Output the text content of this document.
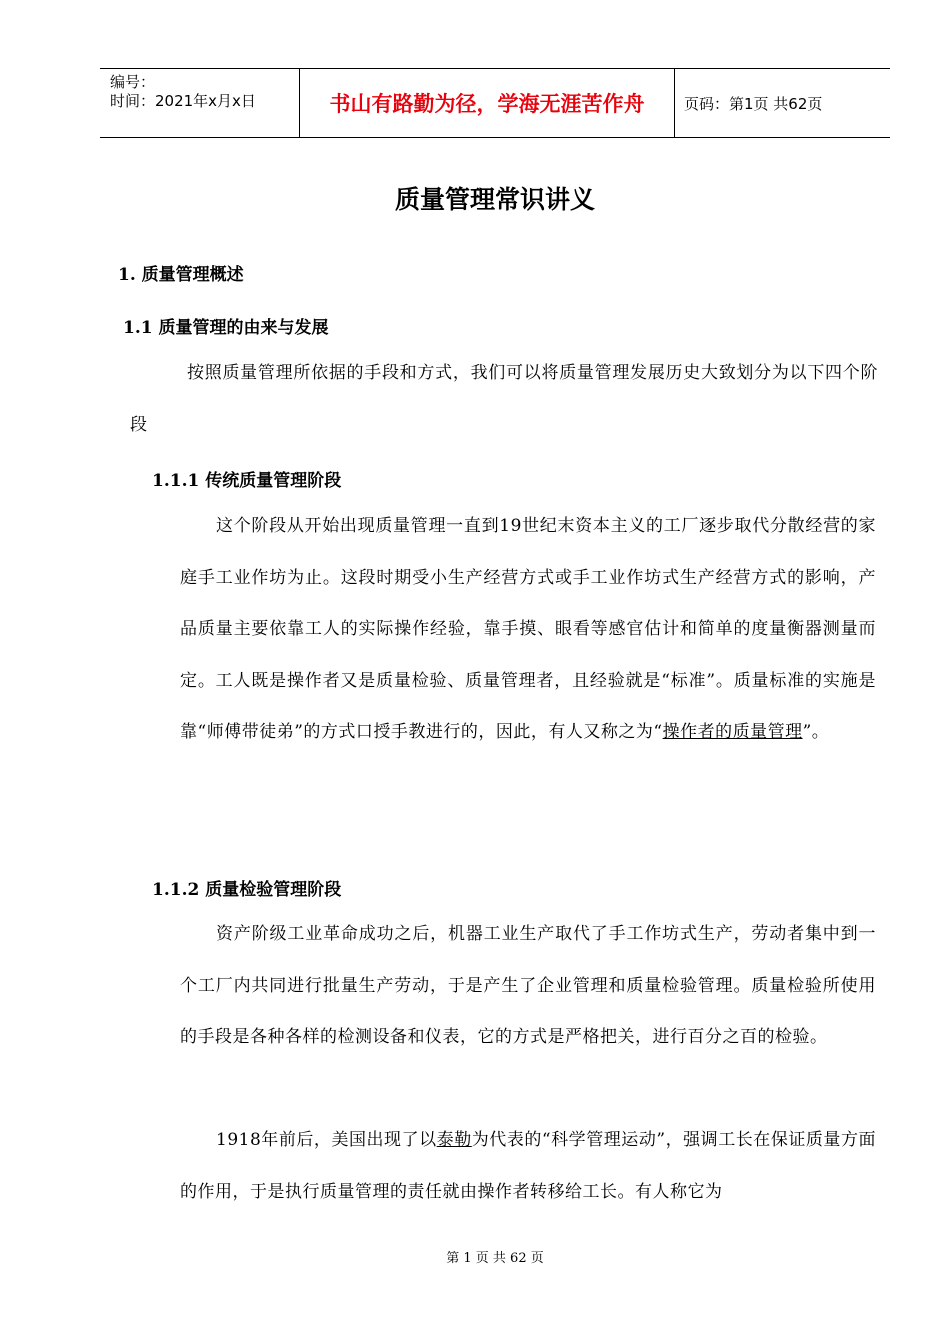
编号：
时间：2021年x月x日	书山有路勤为径，学海无涯苦作舟	页码：第1页 共62页
质量管理常识讲义
1. 质量管理概述
1.1 质量管理的由来与发展
按照质量管理所依据的手段和方式，我们可以将质量管理发展历史大致划分为以下四个阶段
1.1.1 传统质量管理阶段
这个阶段从开始出现质量管理一直到19世纪末资本主义的工厂逐步取代分散经营的家庭手工业作坊为止。这段时期受小生产经营方式或手工业作坊式生产经营方式的影响，产品质量主要依靠工人的实际操作经验，靠手摸、眼看等感官估计和简单的度量衡器测量而定。工人既是操作者又是质量检验、质量管理者，且经验就是“标准”。质量标准的实施是靠“师傅带徒弟”的方式口授手教进行的，因此，有人又称之为“操作者的质量管理”。
1.1.2 质量检验管理阶段
资产阶级工业革命成功之后，机器工业生产取代了手工作坊式生产，劳动者集中到一个工厂内共同进行批量生产劳动，于是产生了企业管理和质量检验管理。质量检验所使用的手段是各种各样的检测设备和仪表，它的方式是严格把关，进行百分之百的检验。
1918年前后，美国出现了以泰勒为代表的“科学管理运动”，强调工长在保证质量方面的作用，于是执行质量管理的责任就由操作者转移给工长。有人称它为
第 1 页 共 62 页
